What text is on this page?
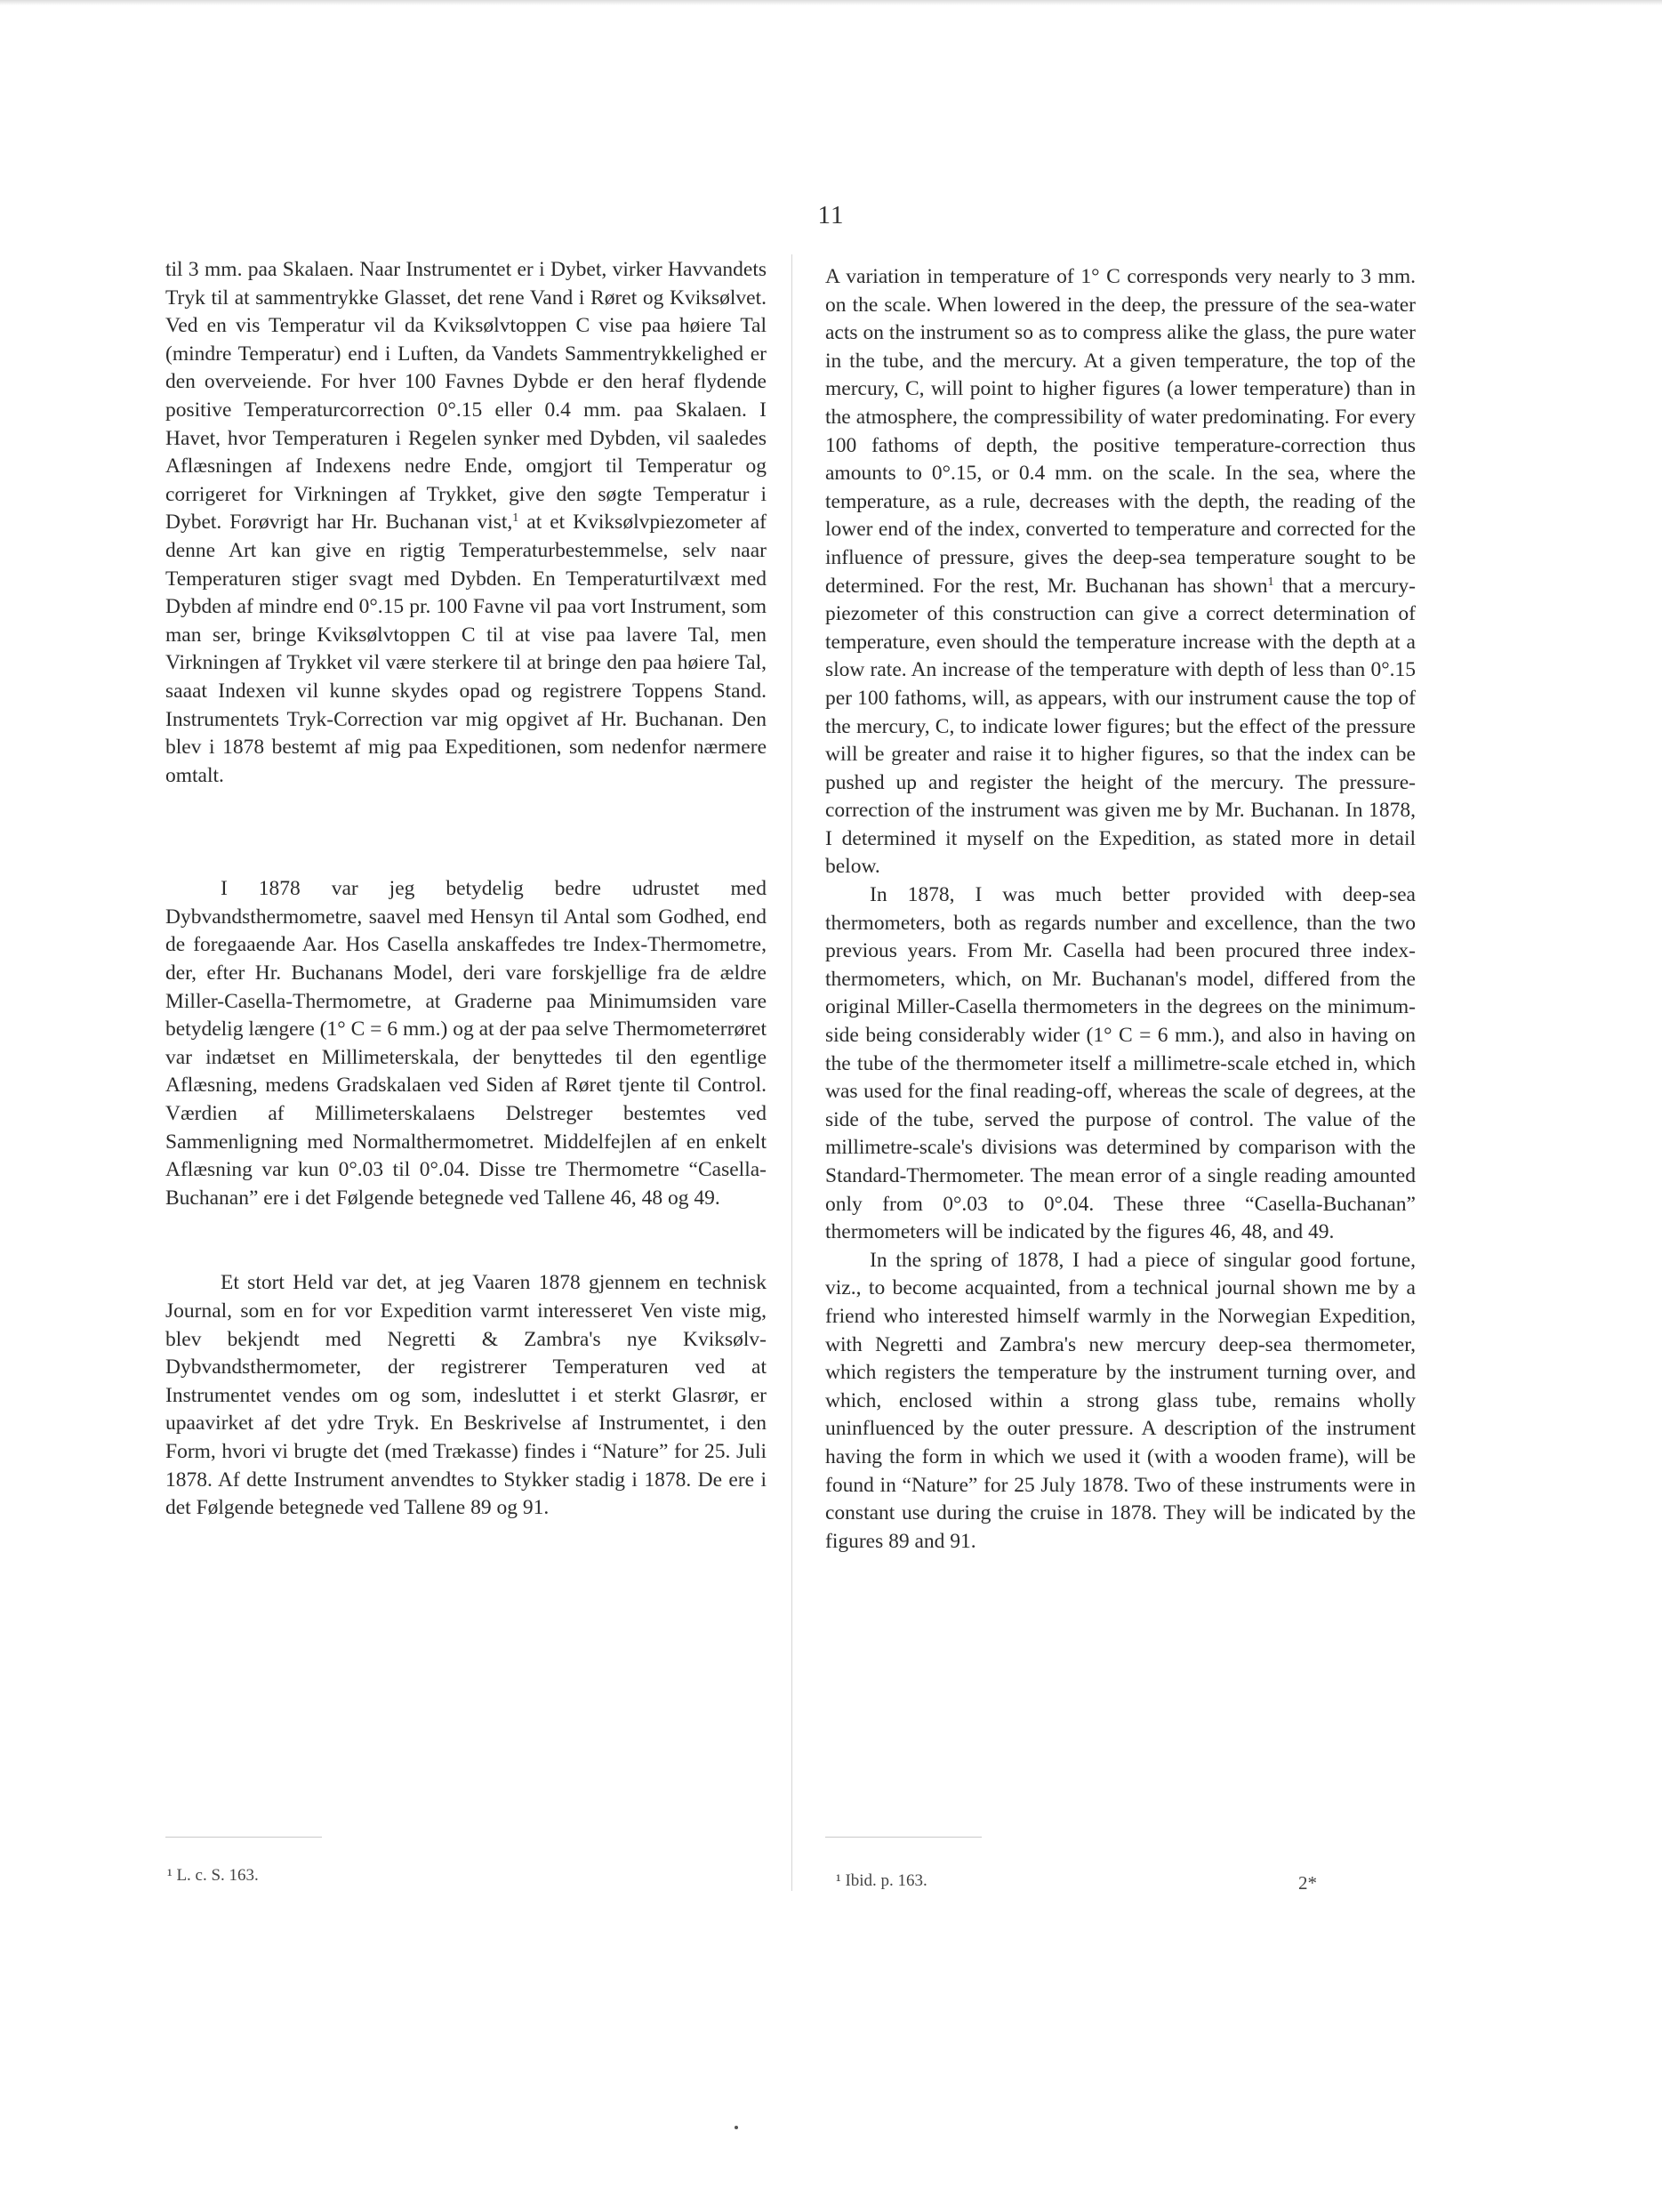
11

til 3 mm. paa Skalaen. Naar Instrumentet er i Dybet, virker Havvandets Tryk til at sammentrykke Glasset, det rene Vand i Røret og Kviksølvet. Ved en vis Temperatur vil da Kviksølvtoppen C vise paa høiere Tal (mindre Temperatur) end i Luften, da Vandets Sammentrykkelighed er den overveiende. For hver 100 Favnes Dybde er den heraf flydende positive Temperaturcorrection 0°.15 eller 0.4 mm. paa Skalaen. I Havet, hvor Temperaturen i Regelen synker med Dybden, vil saaledes Aflæsningen af Indexens nedre Ende, omgjort til Temperatur og corrigeret for Virkningen af Trykket, give den søgte Temperatur i Dybet. Forøvrigt har Hr. Buchanan vist,$^1$ at et Kviksølvpiezometer af denne Art kan give en rigtig Temperaturbestemmelse, selv naar Temperaturen stiger svagt med Dybden. En Temperaturtilvæxt med Dybden af mindre end 0°.15 pr. 100 Favne vil paa vort Instrument, som man ser, bringe Kviksølvtoppen C til at vise paa lavere Tal, men Virkningen af Trykket vil være sterkere til at bringe den paa høiere Tal, saaat Indexen vil kunne skydes opad og registrere Toppens Stand. Instrumentets Tryk-Correction var mig opgivet af Hr. Buchanan. Den blev i 1878 bestemt af mig paa Expeditionen, som nedenfor nærmere omtalt.

I 1878 var jeg betydelig bedre udrustet med Dybvandsthermometre, saavel med Hensyn til Antal som Godhed, end de foregaaende Aar. Hos Casella anskaffedes tre Index-Thermometre, der, efter Hr. Buchanans Model, deri vare forskjellige fra de ældre Miller-Casella-Thermometre, at Graderne paa Minimumsiden vare betydelig længere (1° C = 6 mm.) og at der paa selve Thermometerrøret var indætset en Millimeterskala, der benyttedes til den egentlige Aflæsning, medens Gradskalaen ved Siden af Røret tjente til Control. Værdien af Millimeterskalaens Delstreger bestemtes ved Sammenligning med Normalthermometret. Middelfejlen af en enkelt Aflæsning var kun 0°.03 til 0°.04. Disse tre Thermometre “Casella-Buchanan” ere i det Følgende betegnede ved Tallene 46, 48 og 49.

Et stort Held var det, at jeg Vaaren 1878 gjennem en technisk Journal, som en for vor Expedition varmt interesseret Ven viste mig, blev bekjendt med Negretti & Zambra's nye Kviksølv-Dybvandsthermometer, der registrerer Temperaturen ved at Instrumentet vendes om og som, indesluttet i et sterkt Glasrør, er upaavirket af det ydre Tryk. En Beskrivelse af Instrumentet, i den Form, hvori vi brugte det (med Trækasse) findes i “Nature” for 25. Juli 1878. Af dette Instrument anvendtes to Stykker stadig i 1878. De ere i det Følgende betegnede ved Tallene 89 og 91.

A variation in temperature of 1° C corresponds very nearly to 3 mm. on the scale. When lowered in the deep, the pressure of the sea-water acts on the instrument so as to compress alike the glass, the pure water in the tube, and the mercury. At a given temperature, the top of the mercury, C, will point to higher figures (a lower temperature) than in the atmosphere, the compressibility of water predominating. For every 100 fathoms of depth, the positive temperature-correction thus amounts to 0°.15, or 0.4 mm. on the scale. In the sea, where the temperature, as a rule, decreases with the depth, the reading of the lower end of the index, converted to temperature and corrected for the influence of pressure, gives the deep-sea temperature sought to be determined. For the rest, Mr. Buchanan has shown$^1$ that a mercury-piezometer of this construction can give a correct determination of temperature, even should the temperature increase with the depth at a slow rate. An increase of the temperature with depth of less than 0°.15 per 100 fathoms, will, as appears, with our instrument cause the top of the mercury, C, to indicate lower figures; but the effect of the pressure will be greater and raise it to higher figures, so that the index can be pushed up and register the height of the mercury. The pressure-correction of the instrument was given me by Mr. Buchanan. In 1878, I determined it myself on the Expedition, as stated more in detail below.

In 1878, I was much better provided with deep-sea thermometers, both as regards number and excellence, than the two previous years. From Mr. Casella had been procured three index-thermometers, which, on Mr. Buchanan's model, differed from the original Miller-Casella thermometers in the degrees on the minimum-side being considerably wider (1° C = 6 mm.), and also in having on the tube of the thermometer itself a millimetre-scale etched in, which was used for the final reading-off, whereas the scale of degrees, at the side of the tube, served the purpose of control. The value of the millimetre-scale's divisions was determined by comparison with the Standard-Thermometer. The mean error of a single reading amounted only from 0°.03 to 0°.04. These three “Casella-Buchanan” thermometers will be indicated by the figures 46, 48, and 49.

In the spring of 1878, I had a piece of singular good fortune, viz., to become acquainted, from a technical journal shown me by a friend who interested himself warmly in the Norwegian Expedition, with Negretti and Zambra's new mercury deep-sea thermometer, which registers the temperature by the instrument turning over, and which, enclosed within a strong glass tube, remains wholly uninfluenced by the outer pressure. A description of the instrument having the form in which we used it (with a wooden frame), will be found in “Nature” for 25 July 1878. Two of these instruments were in constant use during the cruise in 1878. They will be indicated by the figures 89 and 91.

¹ L. c. S. 163.	¹ Ibid. p. 163.	2*
